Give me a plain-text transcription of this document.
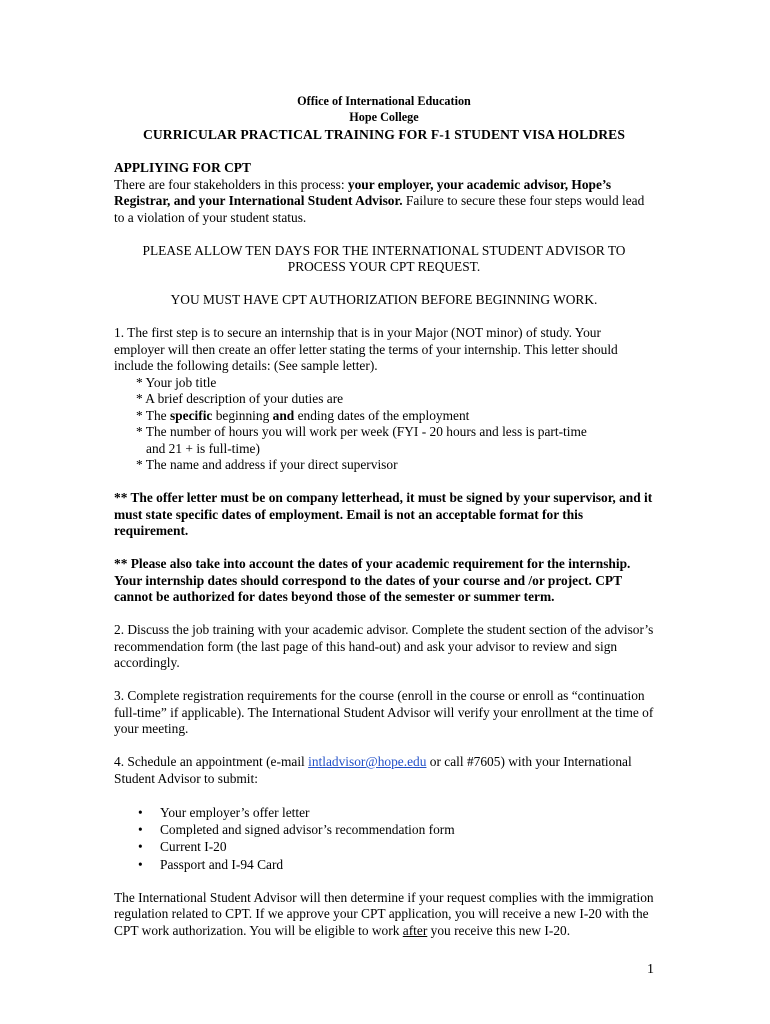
Office of International Education
Hope College
CURRICULAR PRACTICAL TRAINING FOR F-1 STUDENT VISA HOLDRES
APPLIYING FOR CPT

There are four stakeholders in this process: your employer, your academic advisor, Hope’s Registrar, and your International Student Advisor. Failure to secure these four steps would lead to a violation of your student status.

PLEASE ALLOW TEN DAYS FOR THE INTERNATIONAL STUDENT ADVISOR TO PROCESS YOUR CPT REQUEST.

YOU MUST HAVE CPT AUTHORIZATION BEFORE BEGINNING WORK.

1. The first step is to secure an internship that is in your Major (NOT minor) of study. Your employer will then create an offer letter stating the terms of your internship. This letter should include the following details: (See sample letter).

* Your job title
* A brief description of your duties are
* The specific beginning and ending dates of the employment
* The number of hours you will work per week (FYI - 20 hours and less is part-time
and 21 + is full-time)
* The name and address if your direct supervisor

** The offer letter must be on company letterhead, it must be signed by your supervisor, and it must state specific dates of employment. Email is not an acceptable format for this requirement.

** Please also take into account the dates of your academic requirement for the internship. Your internship dates should correspond to the dates of your course and /or project. CPT cannot be authorized for dates beyond those of the semester or summer term.

2. Discuss the job training with your academic advisor. Complete the student section of the advisor’s recommendation form (the last page of this hand-out) and ask your advisor to review and sign accordingly.

3. Complete registration requirements for the course (enroll in the course or enroll as “continuation full-time” if applicable). The International Student Advisor will verify your enrollment at the time of your meeting.

4. Schedule an appointment (e-mail intladvisor@hope.edu or call #7605) with your International Student Advisor to submit:

• Your employer’s offer letter
• Completed and signed advisor’s recommendation form
• Current I-20
• Passport and I-94 Card

The International Student Advisor will then determine if your request complies with the immigration regulation related to CPT. If we approve your CPT application, you will receive a new I-20 with the CPT work authorization. You will be eligible to work after you receive this new I-20.

1
